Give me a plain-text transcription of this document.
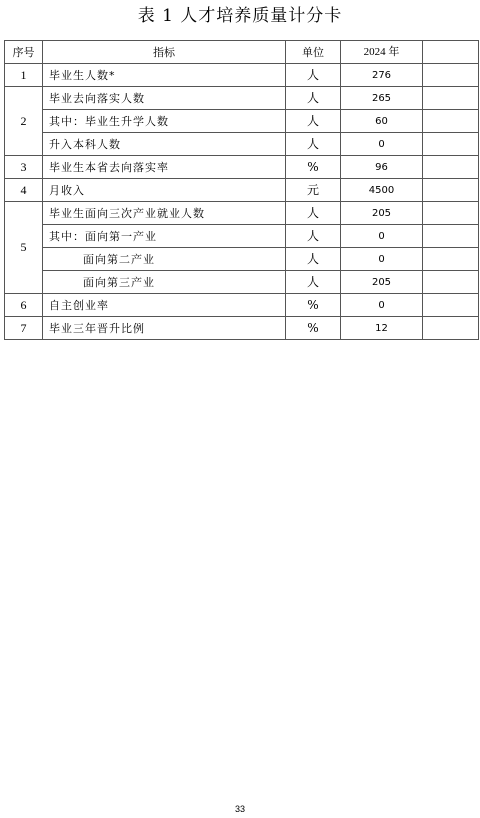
表 1 人才培养质量计分卡
序号	指标	单位	2024 年	
1	毕业生人数*	人	276	
2	毕业去向落实人数	人	265	
	其中：毕业生升学人数	人	60	
	升入本科人数	人	0	
3	毕业生本省去向落实率	%	96	
4	月收入	元	4500	
5	毕业生面向三次产业就业人数	人	205	
	其中：面向第一产业	人	0	
	面向第二产业	人	0	
	面向第三产业	人	205	
6	自主创业率	%	0	
7	毕业三年晋升比例	%	12	
33
